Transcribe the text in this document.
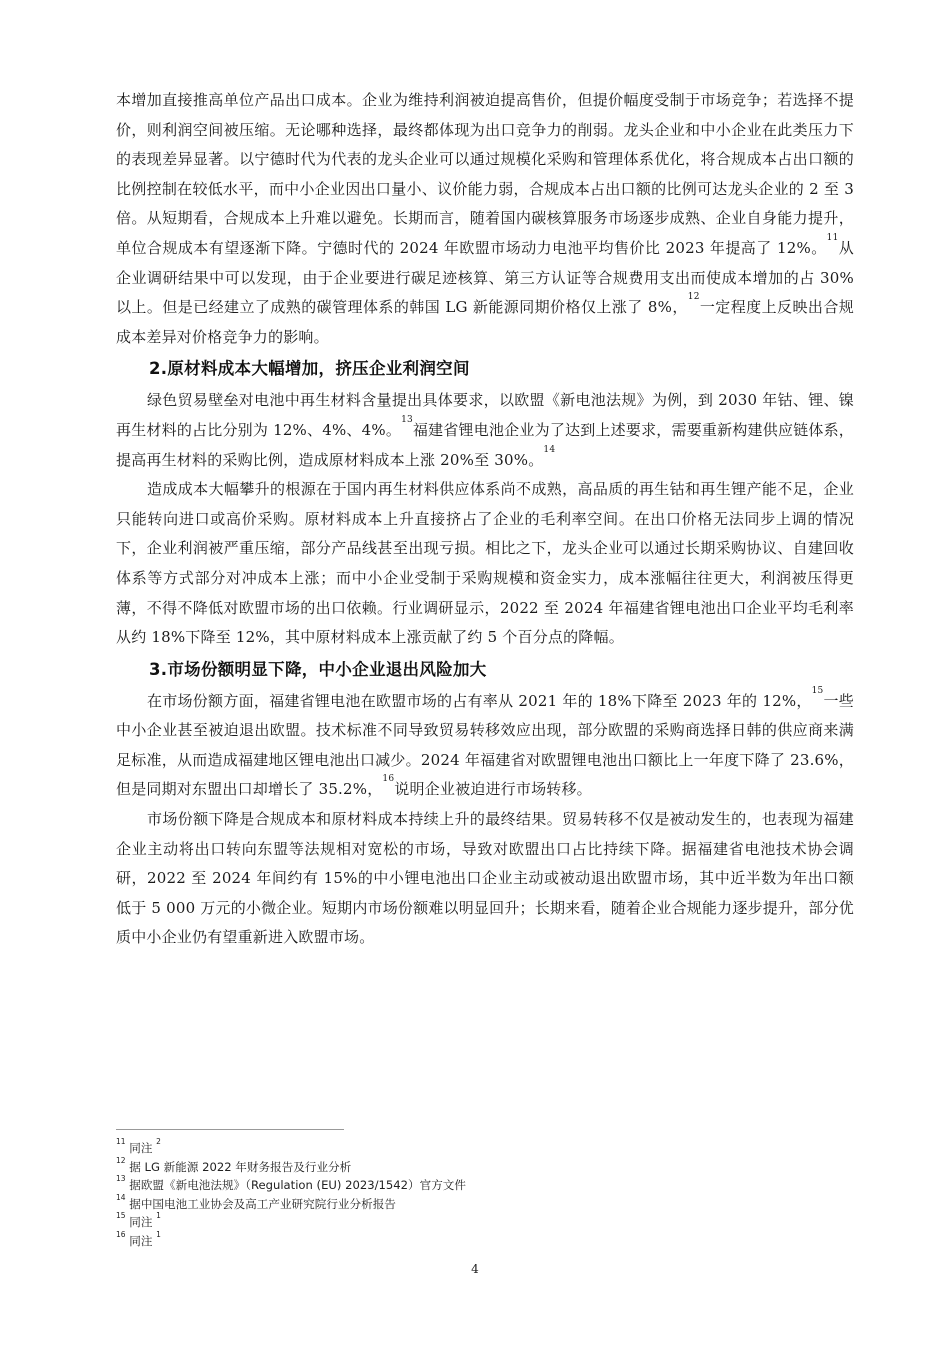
本增加直接推高单位产品出口成本。企业为维持利润被迫提高售价，但提价幅度受制于市场竞争；若选择不提价，则利润空间被压缩。无论哪种选择，最终都体现为出口竞争力的削弱。龙头企业和中小企业在此类压力下的表现差异显著。以宁德时代为代表的龙头企业可以通过规模化采购和管理体系优化，将合规成本占出口额的比例控制在较低水平，而中小企业因出口量小、议价能力弱，合规成本占出口额的比例可达龙头企业的 2 至 3 倍。从短期看，合规成本上升难以避免。长期而言，随着国内碳核算服务市场逐步成熟、企业自身能力提升，单位合规成本有望逐渐下降。宁德时代的 2024 年欧盟市场动力电池平均售价比 2023 年提高了 12%。$^{11}$从企业调研结果中可以发现，由于企业要进行碳足迹核算、第三方认证等合规费用支出而使成本增加的占 30%以上。但是已经建立了成熟的碳管理体系的韩国 LG 新能源同期价格仅上涨了 8%，$^{12}$一定程度上反映出合规成本差异对价格竞争力的影响。

2.原材料成本大幅增加，挤压企业利润空间

绿色贸易壁垒对电池中再生材料含量提出具体要求，以欧盟《新电池法规》为例，到 2030 年钴、锂、镍再生材料的占比分别为 12%、4%、4%。$^{13}$福建省锂电池企业为了达到上述要求，需要重新构建供应链体系，提高再生材料的采购比例，造成原材料成本上涨 20%至 30%。$^{14}$

造成成本大幅攀升的根源在于国内再生材料供应体系尚不成熟，高品质的再生钴和再生锂产能不足，企业只能转向进口或高价采购。原材料成本上升直接挤占了企业的毛利率空间。在出口价格无法同步上调的情况下，企业利润被严重压缩，部分产品线甚至出现亏损。相比之下，龙头企业可以通过长期采购协议、自建回收体系等方式部分对冲成本上涨；而中小企业受制于采购规模和资金实力，成本涨幅往往更大，利润被压得更薄，不得不降低对欧盟市场的出口依赖。行业调研显示，2022 至 2024 年福建省锂电池出口企业平均毛利率从约 18%下降至 12%，其中原材料成本上涨贡献了约 5 个百分点的降幅。

3.市场份额明显下降，中小企业退出风险加大

在市场份额方面，福建省锂电池在欧盟市场的占有率从 2021 年的 18%下降至 2023 年的 12%，$^{15}$一些中小企业甚至被迫退出欧盟。技术标准不同导致贸易转移效应出现，部分欧盟的采购商选择日韩的供应商来满足标准，从而造成福建地区锂电池出口减少。2024 年福建省对欧盟锂电池出口额比上一年度下降了 23.6%，但是同期对东盟出口却增长了 35.2%，$^{16}$说明企业被迫进行市场转移。

市场份额下降是合规成本和原材料成本持续上升的最终结果。贸易转移不仅是被动发生的，也表现为福建企业主动将出口转向东盟等法规相对宽松的市场，导致对欧盟出口占比持续下降。据福建省电池技术协会调研，2022 至 2024 年间约有 15%的中小锂电池出口企业主动或被动退出欧盟市场，其中近半数为年出口额低于 5 000 万元的小微企业。短期内市场份额难以明显回升；长期来看，随着企业合规能力逐步提升，部分优质中小企业仍有望重新进入欧盟市场。

$^{11}$ 同注 $^2$

$^{12}$ 据 LG 新能源 2022 年财务报告及行业分析

$^{13}$ 据欧盟《新电池法规》（Regulation (EU) 2023/1542）官方文件

$^{14}$ 据中国电池工业协会及高工产业研究院行业分析报告

$^{15}$ 同注 $^1$

$^{16}$ 同注 $^1$

4
